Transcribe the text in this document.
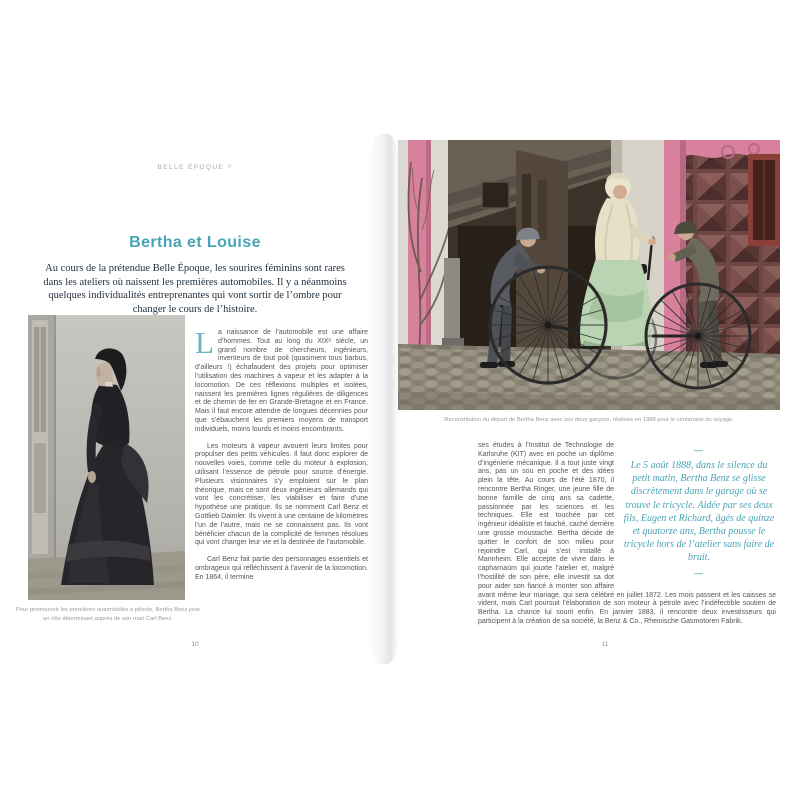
BELLE ÉPOQUE ?
Bertha et Louise
Au cours de la prétendue Belle Époque, les sourires féminins sont rares dans les ateliers où naissent les premières automobiles. Il y a néanmoins quelques individualités entreprenantes qui vont sortir de l’ombre pour changer le cours de l’histoire.
Pour promouvoir les premières automobiles à pétrole, Bertha Benz joue un rôle déterminant auprès de son mari Carl Benz.

La naissance de l’automobile est une affaire d’hommes. Tout au long du XIXᵉ siècle, un grand nombre de chercheurs, ingénieurs, inventeurs de tout poil (quasiment tous barbus, d’ailleurs !) échafaudent des projets pour optimiser l’utilisation des machines à vapeur et les adapter à la locomotion. De ces réflexions multiples et isolées, naissent les premières lignes régulières de diligences et de chemin de fer en Grande-Bretagne et en France. Mais il faut encore attendre de longues décennies pour que s’ébauchent les premiers moyens de transport individuels, moins lourds et moins encombrants.

Les moteurs à vapeur avouent leurs limites pour propulser des petits véhicules. Il faut donc explorer de nouvelles voies, comme celle du moteur à explosion, utilisant l’essence de pétrole pour source d’énergie. Plusieurs visionnaires s’y emploient sur le plan théorique, mais ce sont deux ingénieurs allemands qui vont les concrétiser, les viabiliser et faire d’une hypothèse une pratique. Ils se nomment Carl Benz et Gottlieb Daimler. Ils vivent à une centaine de kilomètres l’un de l’autre, mais ne se connaissent pas. Ils vont bénéficier chacun de la complicité de femmes résolues qui vont changer leur vie et la destinée de l’automobile.

Carl Benz fait partie des personnages essentiels et ombrageux qui réfléchissent à l’avenir de la locomotion. En 1864, il termine

10
Reconstitution du départ de Bertha Benz avec ses deux garçons, réalisée en 1988 pour le centenaire du voyage.
—
Le 5 août 1888, dans le silence du petit matin, Bertha Benz se glisse discrètement dans le garage où se trouve le tricycle. Aidée par ses deux fils, Eugen et Richard, âgés de quinze et quatorze ans, Bertha pousse le tricycle hors de l’atelier sans faire de bruit.
—

ses études à l’Institut de Technologie de Karlsruhe (KIT) avec en poche un diplôme d’ingénierie mécanique. Il a tout juste vingt ans, pas un sou en poche et des idées plein la tête. Au cours de l’été 1870, il rencontre Bertha Ringer, une jeune fille de bonne famille de cinq ans sa cadette, passionnée par les sciences et les techniques. Elle est touchée par cet ingénieur idéaliste et fauché, caché derrière une grosse moustache. Bertha décide de quitter le confort de son milieu pour rejoindre Carl, qui s’est installé à Mannheim. Elle accepte de vivre dans le capharnaüm qui jouxte l’atelier et, malgré l’hostilité de son père, elle investit sa dot pour aider son fiancé à monter son affaire avant même leur mariage, qui sera célébré en juillet 1872. Les mois passent et les caisses se vident, mais Carl poursuit l’élaboration de son moteur à pétrole avec l’indéfectible soutien de Bertha. La chance lui sourit enfin. En janvier 1883, il rencontre deux investisseurs qui participent à la création de sa société, la Benz & Co., Rheinische Gasmotoren Fabrik.

11
